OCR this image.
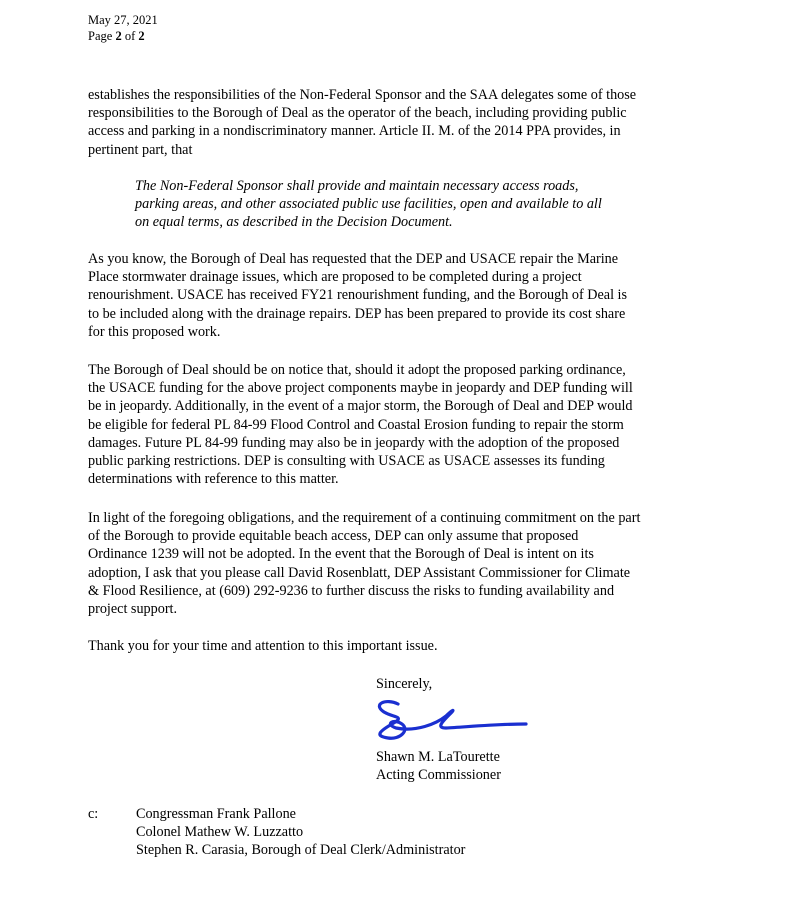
May 27, 2021
Page 2 of 2
establishes the responsibilities of the Non-Federal Sponsor and the SAA delegates some of those
responsibilities to the Borough of Deal as the operator of the beach, including providing public
access and parking in a nondiscriminatory manner. Article II. M. of the 2014 PPA provides, in
pertinent part, that
The Non-Federal Sponsor shall provide and maintain necessary access roads,
parking areas, and other associated public use facilities, open and available to all
on equal terms, as described in the Decision Document.
As you know, the Borough of Deal has requested that the DEP and USACE repair the Marine
Place stormwater drainage issues, which are proposed to be completed during a project
renourishment. USACE has received FY21 renourishment funding, and the Borough of Deal is
to be included along with the drainage repairs. DEP has been prepared to provide its cost share
for this proposed work.
The Borough of Deal should be on notice that, should it adopt the proposed parking ordinance,
the USACE funding for the above project components maybe in jeopardy and DEP funding will
be in jeopardy. Additionally, in the event of a major storm, the Borough of Deal and DEP would
be eligible for federal PL 84-99 Flood Control and Coastal Erosion funding to repair the storm
damages. Future PL 84-99 funding may also be in jeopardy with the adoption of the proposed
public parking restrictions. DEP is consulting with USACE as USACE assesses its funding
determinations with reference to this matter.
In light of the foregoing obligations, and the requirement of a continuing commitment on the part
of the Borough to provide equitable beach access, DEP can only assume that proposed
Ordinance 1239 will not be adopted. In the event that the Borough of Deal is intent on its
adoption, I ask that you please call David Rosenblatt, DEP Assistant Commissioner for Climate
& Flood Resilience, at (609) 292-9236 to further discuss the risks to funding availability and
project support.
Thank you for your time and attention to this important issue.
Sincerely,
Shawn M. LaTourette
Acting Commissioner
c:	Congressman Frank Pallone
Colonel Mathew W. Luzzatto
Stephen R. Carasia, Borough of Deal Clerk/Administrator
